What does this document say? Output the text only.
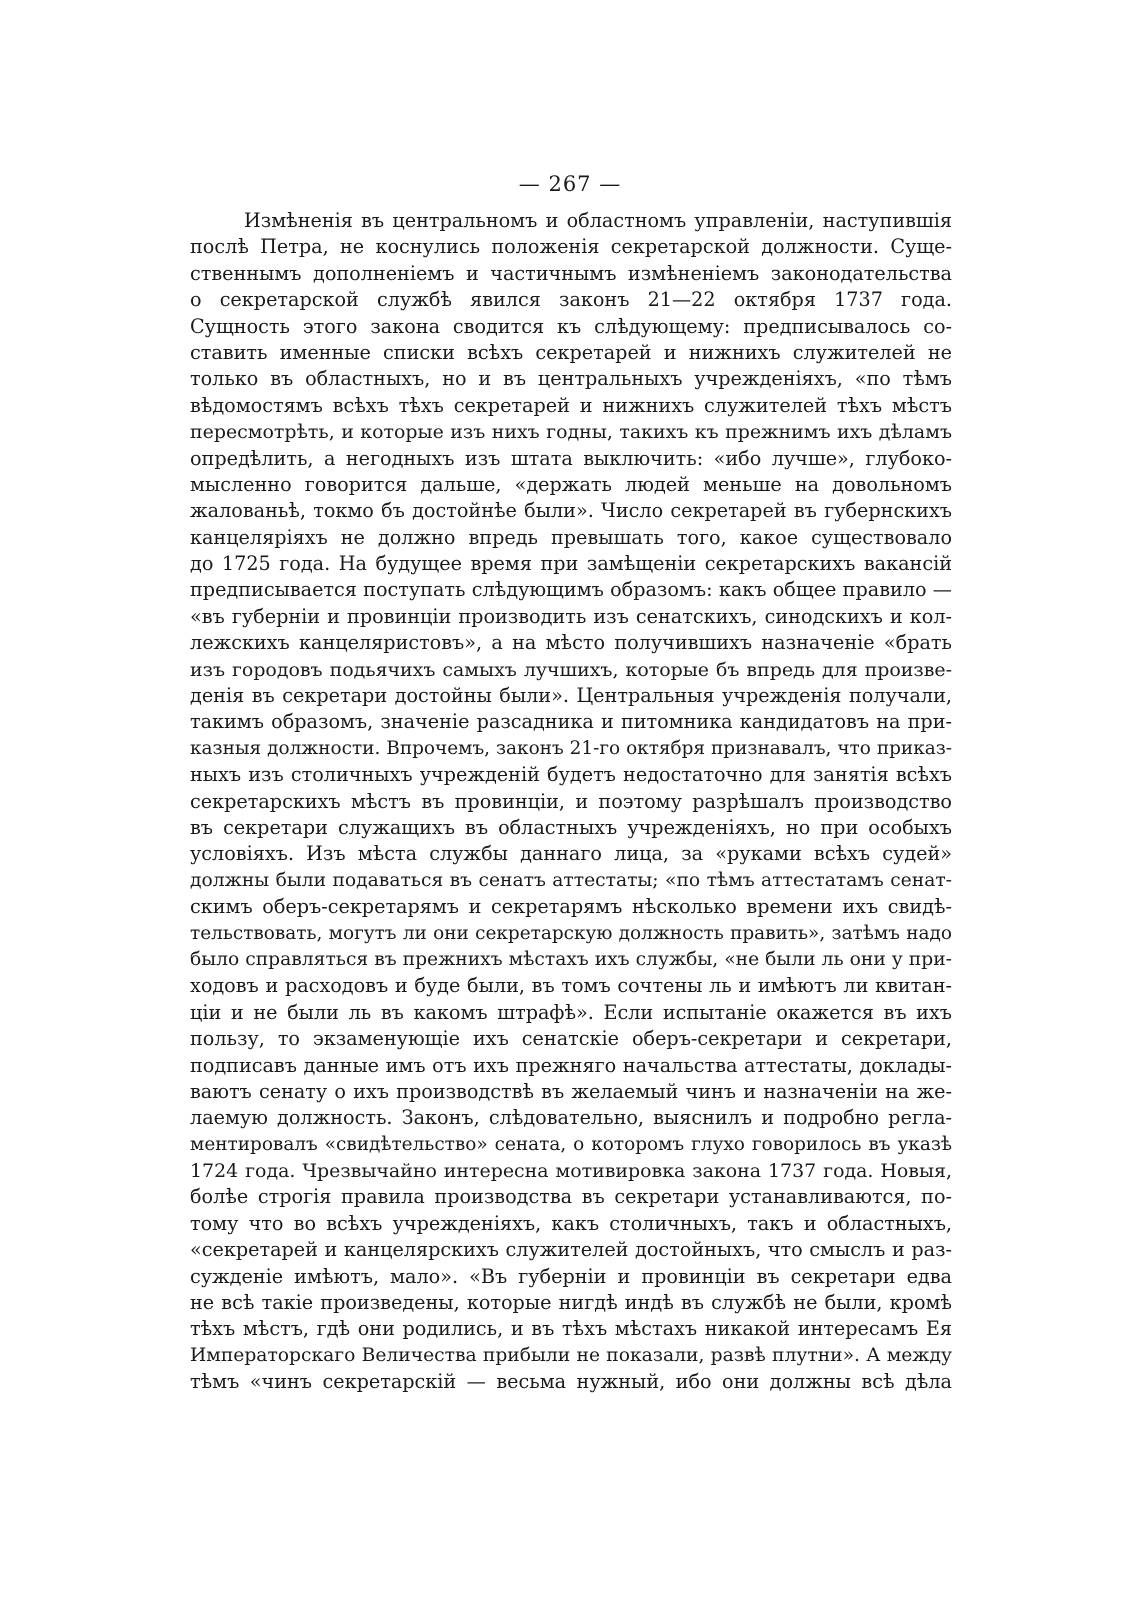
— 267 —
Измѣненія въ центральномъ и областномъ управленіи, наступившія
послѣ Петра, не коснулись положенія секретарской должности. Суще-
ственнымъ дополненіемъ и частичнымъ измѣненіемъ законодательства
о секретарской службѣ явился законъ 21—22 октября 1737 года.
Сущность этого закона сводится къ слѣдующему: предписывалось со-
ставить именные списки всѣхъ секретарей и нижнихъ служителей не
только въ областныхъ, но и въ центральныхъ учрежденіяхъ, «по тѣмъ
вѣдомостямъ всѣхъ тѣхъ секретарей и нижнихъ служителей тѣхъ мѣстъ
пересмотрѣть, и которые изъ нихъ годны, такихъ къ прежнимъ ихъ дѣламъ
опредѣлить, а негодныхъ изъ штата выключить: «ибо лучше», глубоко-
мысленно говорится дальше, «держать людей меньше на довольномъ
жалованьѣ, токмо бъ достойнѣе были». Число секретарей въ губернскихъ
канцеляріяхъ не должно впредь превышать того, какое существовало
до 1725 года. На будущее время при замѣщеніи секретарскихъ вакансій
предписывается поступать слѣдующимъ образомъ: какъ общее правило —
«въ губерніи и провинціи производить изъ сенатскихъ, синодскихъ и кол-
лежскихъ канцеляристовъ», а на мѣсто получившихъ назначеніе «брать
изъ городовъ подьячихъ самыхъ лучшихъ, которые бъ впредь для произве-
денія въ секретари достойны были». Центральныя учрежденія получали,
такимъ образомъ, значеніе разсадника и питомника кандидатовъ на при-
казныя должности. Впрочемъ, законъ 21-го октября признавалъ, что приказ-
ныхъ изъ столичныхъ учрежденій будетъ недостаточно для занятія всѣхъ
секретарскихъ мѣстъ въ провинціи, и поэтому разрѣшалъ производство
въ секретари служащихъ въ областныхъ учрежденіяхъ, но при особыхъ
условіяхъ. Изъ мѣста службы даннаго лица, за «руками всѣхъ судей»
должны были подаваться въ сенатъ аттестаты; «по тѣмъ аттестатамъ сенат-
скимъ оберъ-секретарямъ и секретарямъ нѣсколько времени ихъ свидѣ-
тельствовать, могутъ ли они секретарскую должность править», затѣмъ надо
было справляться въ прежнихъ мѣстахъ ихъ службы, «не были ль они у при-
ходовъ и расходовъ и буде были, въ томъ сочтены ль и имѣютъ ли квитан-
ціи и не были ль въ какомъ штрафѣ». Если испытаніе окажется въ ихъ
пользу, то экзаменующіе ихъ сенатскіе оберъ-секретари и секретари,
подписавъ данные имъ отъ ихъ прежняго начальства аттестаты, доклады-
ваютъ сенату о ихъ производствѣ въ желаемый чинъ и назначеніи на же-
лаемую должность. Законъ, слѣдовательно, выяснилъ и подробно регла-
ментировалъ «свидѣтельство» сената, о которомъ глухо говорилось въ указѣ
1724 года. Чрезвычайно интересна мотивировка закона 1737 года. Новыя,
болѣе строгія правила производства въ секретари устанавливаются, по-
тому что во всѣхъ учрежденіяхъ, какъ столичныхъ, такъ и областныхъ,
«секретарей и канцелярскихъ служителей достойныхъ, что смыслъ и раз-
сужденіе имѣютъ, мало». «Въ губерніи и провинціи въ секретари едва
не всѣ такіе произведены, которые нигдѣ индѣ въ службѣ не были, кромѣ
тѣхъ мѣстъ, гдѣ они родились, и въ тѣхъ мѣстахъ никакой интересамъ Ея
Императорскаго Величества прибыли не показали, развѣ плутни». А между
тѣмъ «чинъ секретарскій — весьма нужный, ибо они должны всѣ дѣла
